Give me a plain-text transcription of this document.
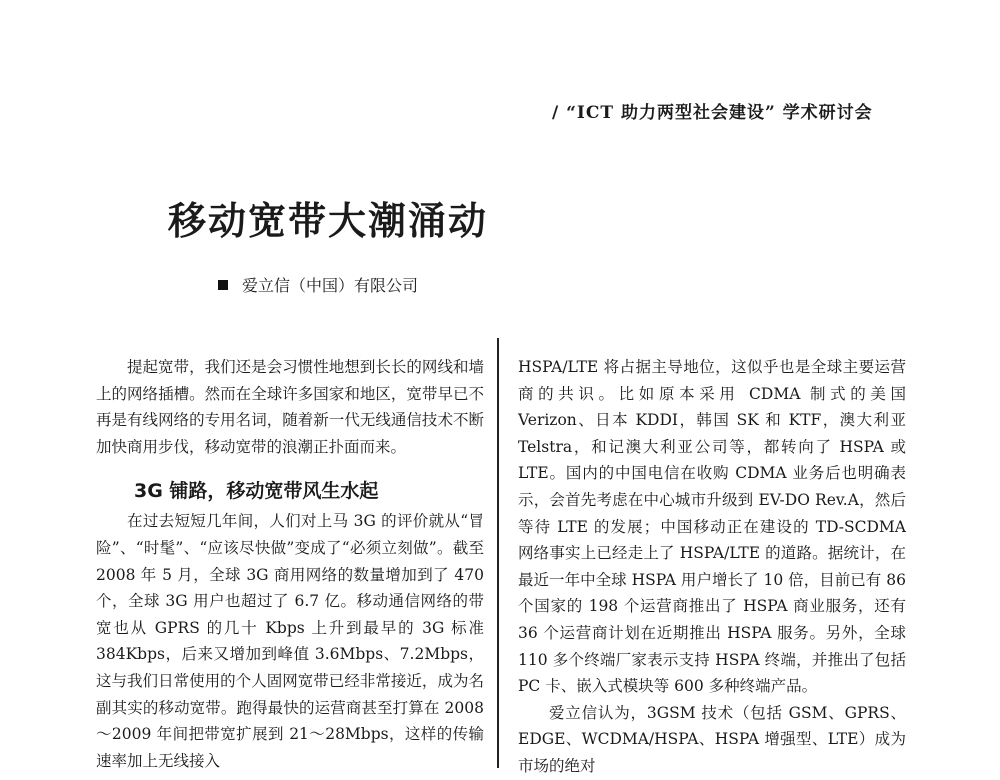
/ “ICT 助力两型社会建设” 学术研讨会
移动宽带大潮涌动
爱立信（中国）有限公司

提起宽带，我们还是会习惯性地想到长长的网线和墙上的网络插槽。然而在全球许多国家和地区，宽带早已不再是有线网络的专用名词，随着新一代无线通信技术不断加快商用步伐，移动宽带的浪潮正扑面而来。

3G 铺路，移动宽带风生水起

在过去短短几年间，人们对上马 3G 的评价就从“冒险”、“时髦”、“应该尽快做”变成了“必须立刻做”。截至 2008 年 5 月，全球 3G 商用网络的数量增加到了 470 个，全球 3G 用户也超过了 6.7 亿。移动通信网络的带宽也从 GPRS 的几十 Kbps 上升到最早的 3G 标准 384Kbps，后来又增加到峰值 3.6Mbps、7.2Mbps，这与我们日常使用的个人固网宽带已经非常接近，成为名副其实的移动宽带。跑得最快的运营商甚至打算在 2008～2009 年间把带宽扩展到 21～28Mbps，这样的传输速率加上无线接入

HSPA/LTE 将占据主导地位，这似乎也是全球主要运营商的共识。比如原本采用 CDMA 制式的美国 Verizon、日本 KDDI，韩国 SK 和 KTF，澳大利亚 Telstra，和记澳大利亚公司等，都转向了 HSPA 或 LTE。国内的中国电信在收购 CDMA 业务后也明确表示，会首先考虑在中心城市升级到 EV-DO Rev.A，然后等待 LTE 的发展；中国移动正在建设的 TD-SCDMA 网络事实上已经走上了 HSPA/LTE 的道路。据统计，在最近一年中全球 HSPA 用户增长了 10 倍，目前已有 86 个国家的 198 个运营商推出了 HSPA 商业服务，还有 36 个运营商计划在近期推出 HSPA 服务。另外，全球 110 多个终端厂家表示支持 HSPA 终端，并推出了包括 PC 卡、嵌入式模块等 600 多种终端产品。

爱立信认为，3GSM 技术（包括 GSM、GPRS、EDGE、WCDMA/HSPA、HSPA 增强型、LTE）成为市场的绝对
